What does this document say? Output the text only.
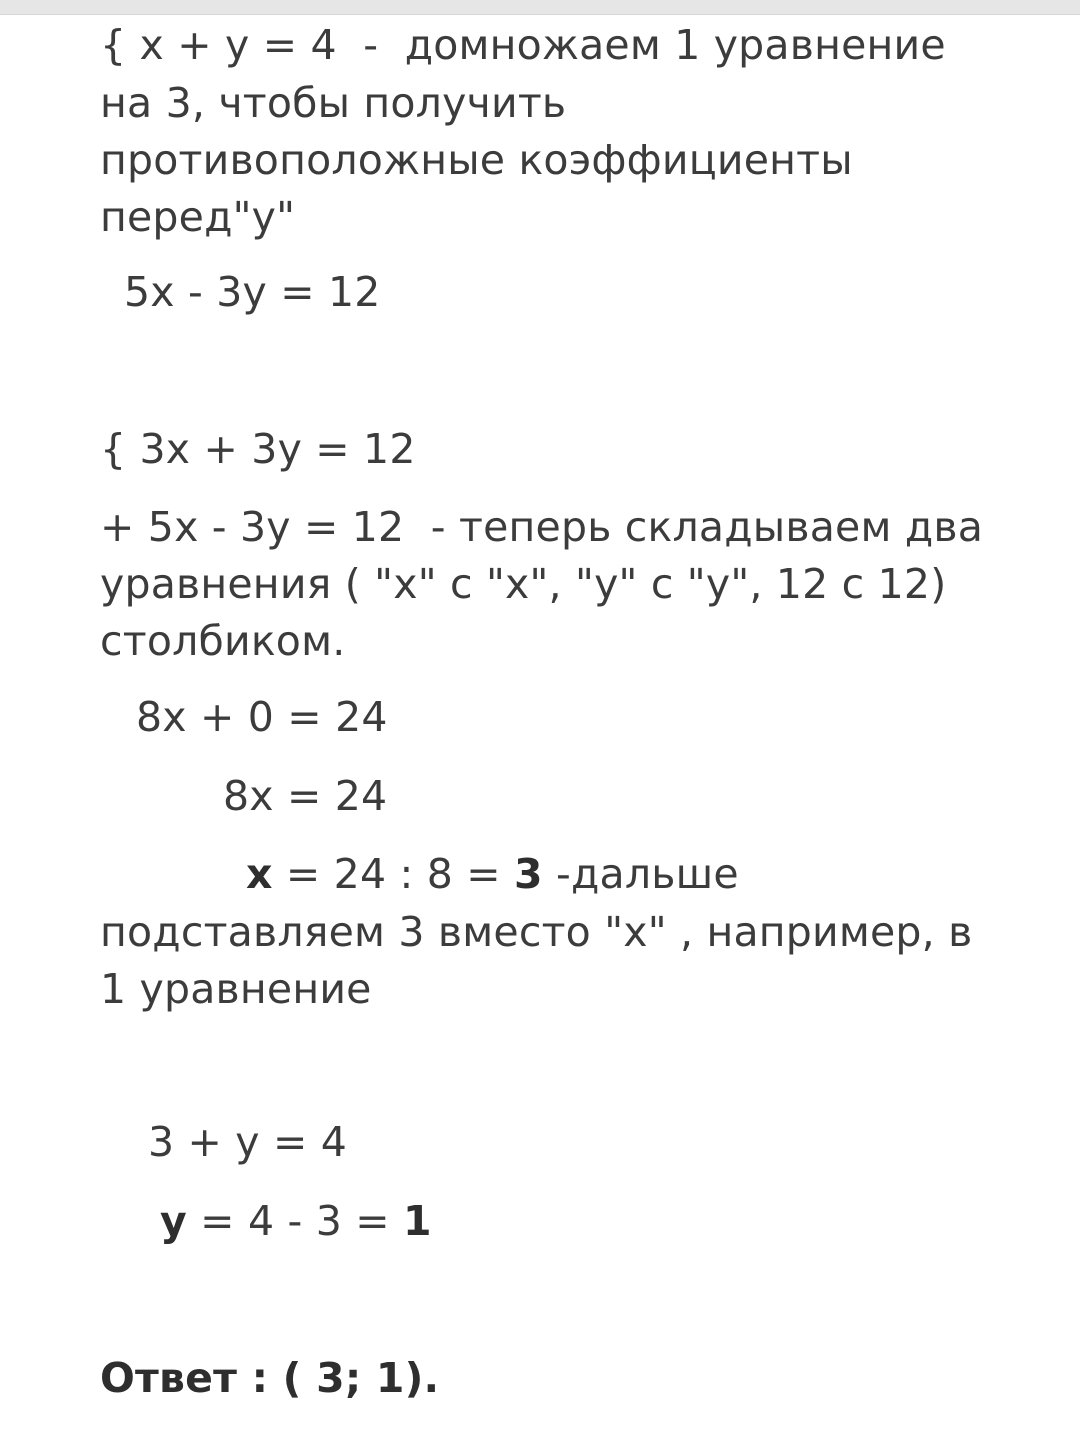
{ x + y = 4  -  домножаем 1 уравнение
на 3, чтобы получить
противоположные коэффициенты
перед"y"
5x - 3y = 12
{ 3x + 3y = 12
+ 5x - 3y = 12  - теперь складываем два
уравнения ( "x" с "x", "y" с "y", 12 с 12)
столбиком.
8x + 0 = 24
8x = 24
x = 24 : 8 = 3 -дальше
подставляем 3 вместо "x" , например, в
1 уравнение
3 + y = 4
y = 4 - 3 = 1
Ответ : ( 3; 1).
